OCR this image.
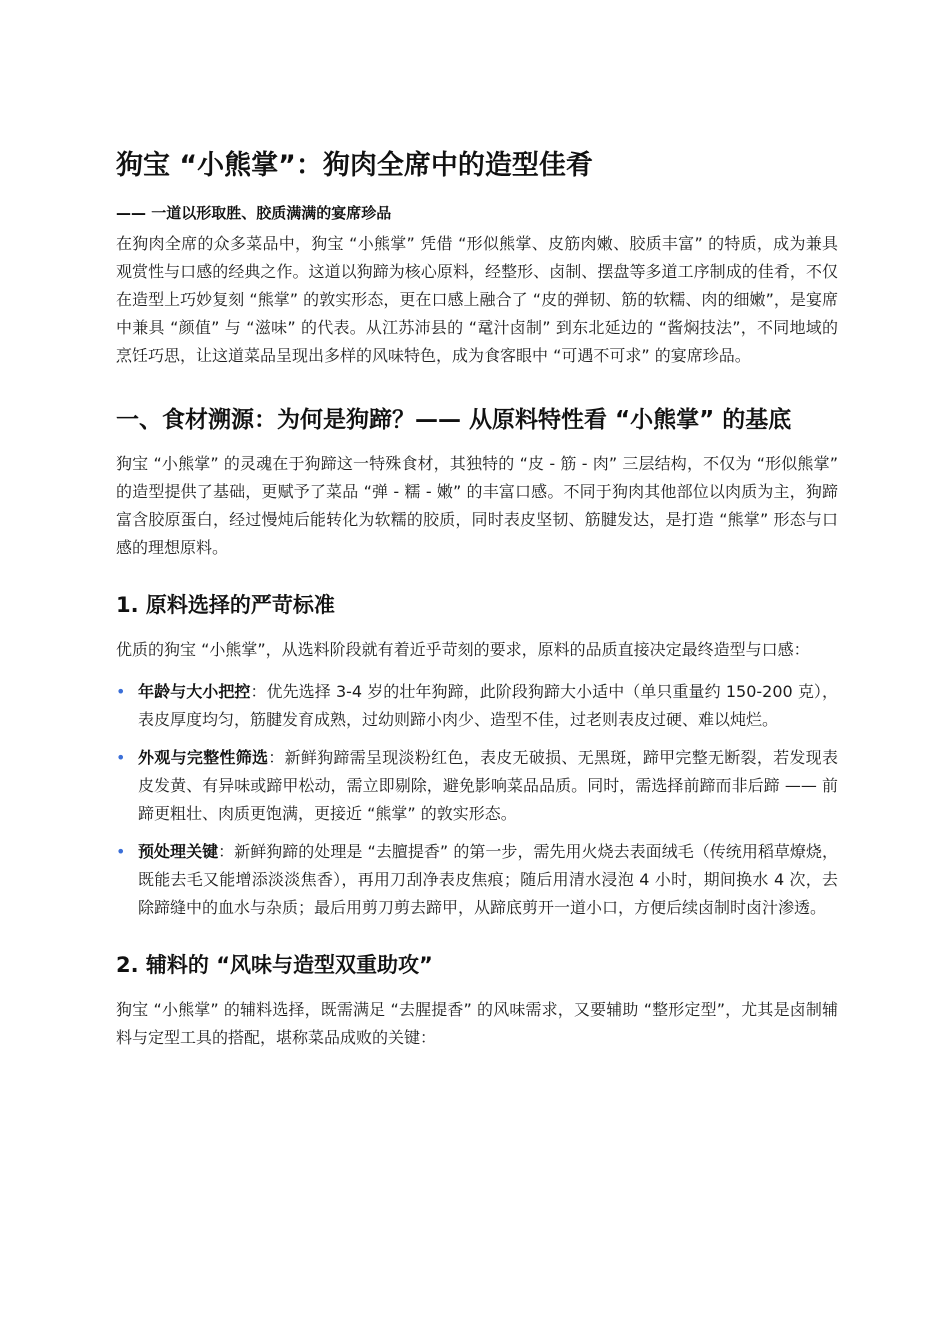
狗宝 “小熊掌”：狗肉全席中的造型佳肴
—— 一道以形取胜、胶质满满的宴席珍品

在狗肉全席的众多菜品中，狗宝 “小熊掌” 凭借 “形似熊掌、皮筋肉嫩、胶质丰富” 的特质，成为兼具观赏性与口感的经典之作。这道以狗蹄为核心原料，经整形、卤制、摆盘等多道工序制成的佳肴，不仅在造型上巧妙复刻 “熊掌” 的敦实形态，更在口感上融合了 “皮的弹韧、筋的软糯、肉的细嫩”，是宴席中兼具 “颜值” 与 “滋味” 的代表。从江苏沛县的 “鼋汁卤制” 到东北延边的 “酱焖技法”，不同地域的烹饪巧思，让这道菜品呈现出多样的风味特色，成为食客眼中 “可遇不可求” 的宴席珍品。

一、食材溯源：为何是狗蹄？—— 从原料特性看 “小熊掌” 的基底

狗宝 “小熊掌” 的灵魂在于狗蹄这一特殊食材，其独特的 “皮 - 筋 - 肉” 三层结构，不仅为 “形似熊掌” 的造型提供了基础，更赋予了菜品 “弹 - 糯 - 嫩” 的丰富口感。不同于狗肉其他部位以肉质为主，狗蹄富含胶原蛋白，经过慢炖后能转化为软糯的胶质，同时表皮坚韧、筋腱发达，是打造 “熊掌” 形态与口感的理想原料。

1. 原料选择的严苛标准

优质的狗宝 “小熊掌”，从选料阶段就有着近乎苛刻的要求，原料的品质直接决定最终造型与口感：

• 年龄与大小把控：优先选择 3-4 岁的壮年狗蹄，此阶段狗蹄大小适中（单只重量约 150-200 克），表皮厚度均匀，筋腱发育成熟，过幼则蹄小肉少、造型不佳，过老则表皮过硬、难以炖烂。
• 外观与完整性筛选：新鲜狗蹄需呈现淡粉红色，表皮无破损、无黑斑，蹄甲完整无断裂，若发现表皮发黄、有异味或蹄甲松动，需立即剔除，避免影响菜品品质。同时，需选择前蹄而非后蹄 —— 前蹄更粗壮、肉质更饱满，更接近 “熊掌” 的敦实形态。
• 预处理关键：新鲜狗蹄的处理是 “去膻提香” 的第一步，需先用火烧去表面绒毛（传统用稻草燎烧，既能去毛又能增添淡淡焦香），再用刀刮净表皮焦痕；随后用清水浸泡 4 小时，期间换水 4 次，去除蹄缝中的血水与杂质；最后用剪刀剪去蹄甲，从蹄底剪开一道小口，方便后续卤制时卤汁渗透。
2. 辅料的 “风味与造型双重助攻”

狗宝 “小熊掌” 的辅料选择，既需满足 “去腥提香” 的风味需求，又要辅助 “整形定型”，尤其是卤制辅料与定型工具的搭配，堪称菜品成败的关键：
